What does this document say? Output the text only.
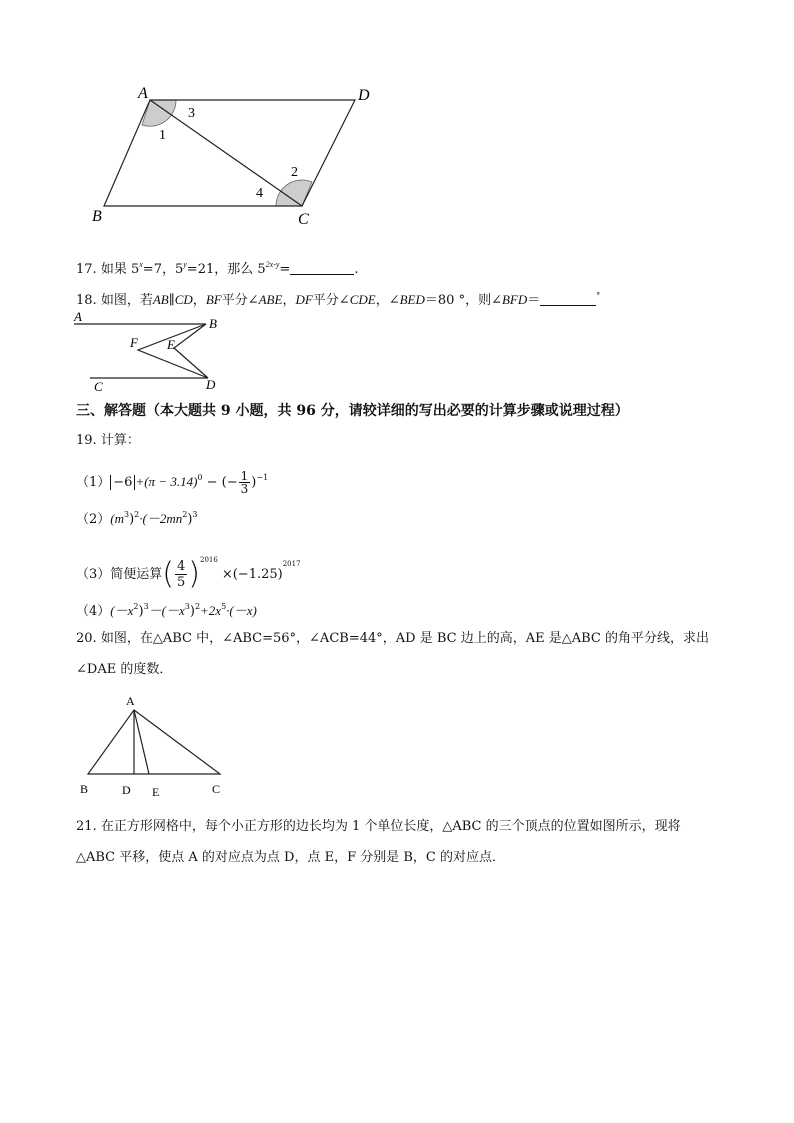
A	D
B	C
1
2
3
4
17. 如果 $5^x=7$，$5^y=21$，那么 $5^{2x-y}=$	.
18. 如图，若AB∥CD，BF平分∠ABE，DF平分∠CDE，∠BED＝80 °，则∠BFD＝	°
A	B
C	D
E
F
三、解答题（本大题共 9 小题，共 96 分，请较详细的写出必要的计算步骤或说理过程）
19. 计算：
$(1) -6 +(\pi - 3.14)^0$ − (− $\frac{1}{3} )^{-1}$
$(2)(m^3)^2\cdot(-2mn^2)^3$
（3）简便运算( $\frac{4}{5} )^{2016}\times(-1.25)^{2017}$
$(4)(-x^2)^3-(-x^3)^2+2x^5\cdot(-x)$
20. 如图，在△ABC 中，∠ABC=56°，∠ACB=44°，AD 是 BC 边上的高，AE 是△ABC 的角平分线，求出
∠DAE 的度数．
A
B	D E	C
21. 在正方形网格中，每个小正方形的边长均为 1 个单位长度，△ABC 的三个顶点的位置如图所示，现将
△ABC 平移，使点 A 的对应点为点 D，点 E，F 分别是 B，C 的对应点．
